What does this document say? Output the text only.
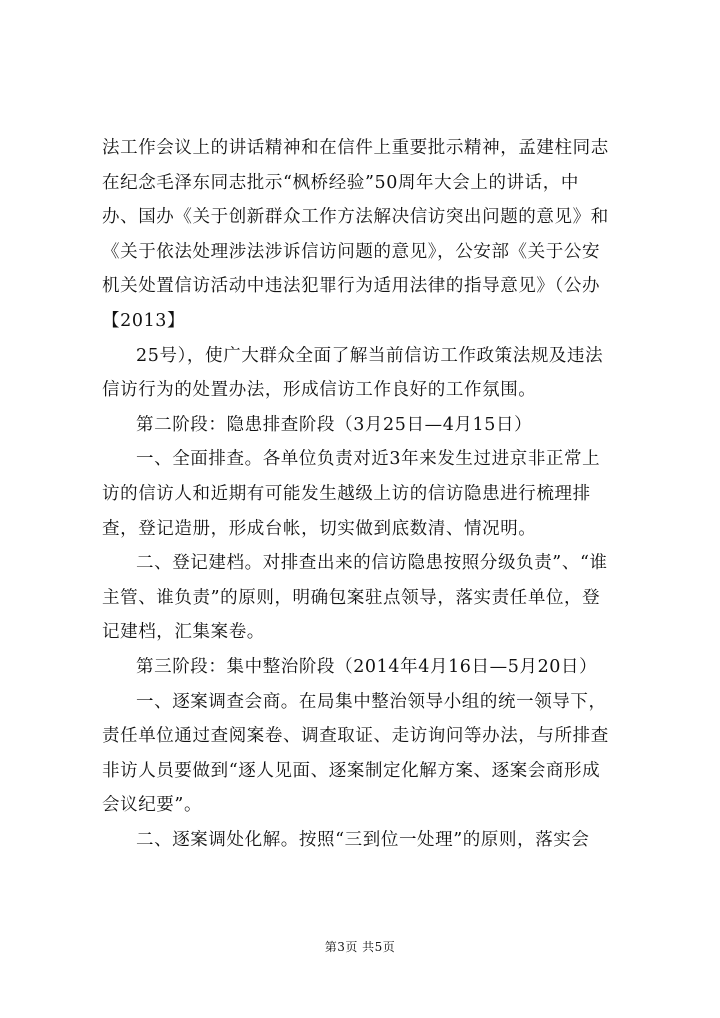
法工作会议上的讲话精神和在信件上重要批示精神，孟建柱同志
在纪念毛泽东同志批示“枫桥经验”50周年大会上的讲话，中
办、国办《关于创新群众工作方法解决信访突出问题的意见》和
《关于依法处理涉法涉诉信访问题的意见》，公安部《关于公安
机关处置信访活动中违法犯罪行为适用法律的指导意见》（公办
【2013】
25号），使广大群众全面了解当前信访工作政策法规及违法
信访行为的处置办法，形成信访工作良好的工作氛围。
第二阶段：隐患排查阶段（3月25日—4月15日）
一、全面排查。各单位负责对近3年来发生过进京非正常上
访的信访人和近期有可能发生越级上访的信访隐患进行梳理排
查，登记造册，形成台帐，切实做到底数清、情况明。
二、登记建档。对排查出来的信访隐患按照分级负责”、“谁
主管、谁负责”的原则，明确包案驻点领导，落实责任单位，登
记建档，汇集案卷。
第三阶段：集中整治阶段（2014年4月16日—5月20日）
一、逐案调查会商。在局集中整治领导小组的统一领导下，
责任单位通过查阅案卷、调查取证、走访询问等办法，与所排查
非访人员要做到“逐人见面、逐案制定化解方案、逐案会商形成
会议纪要”。
二、逐案调处化解。按照“三到位一处理”的原则，落实会
第3页 共5页
